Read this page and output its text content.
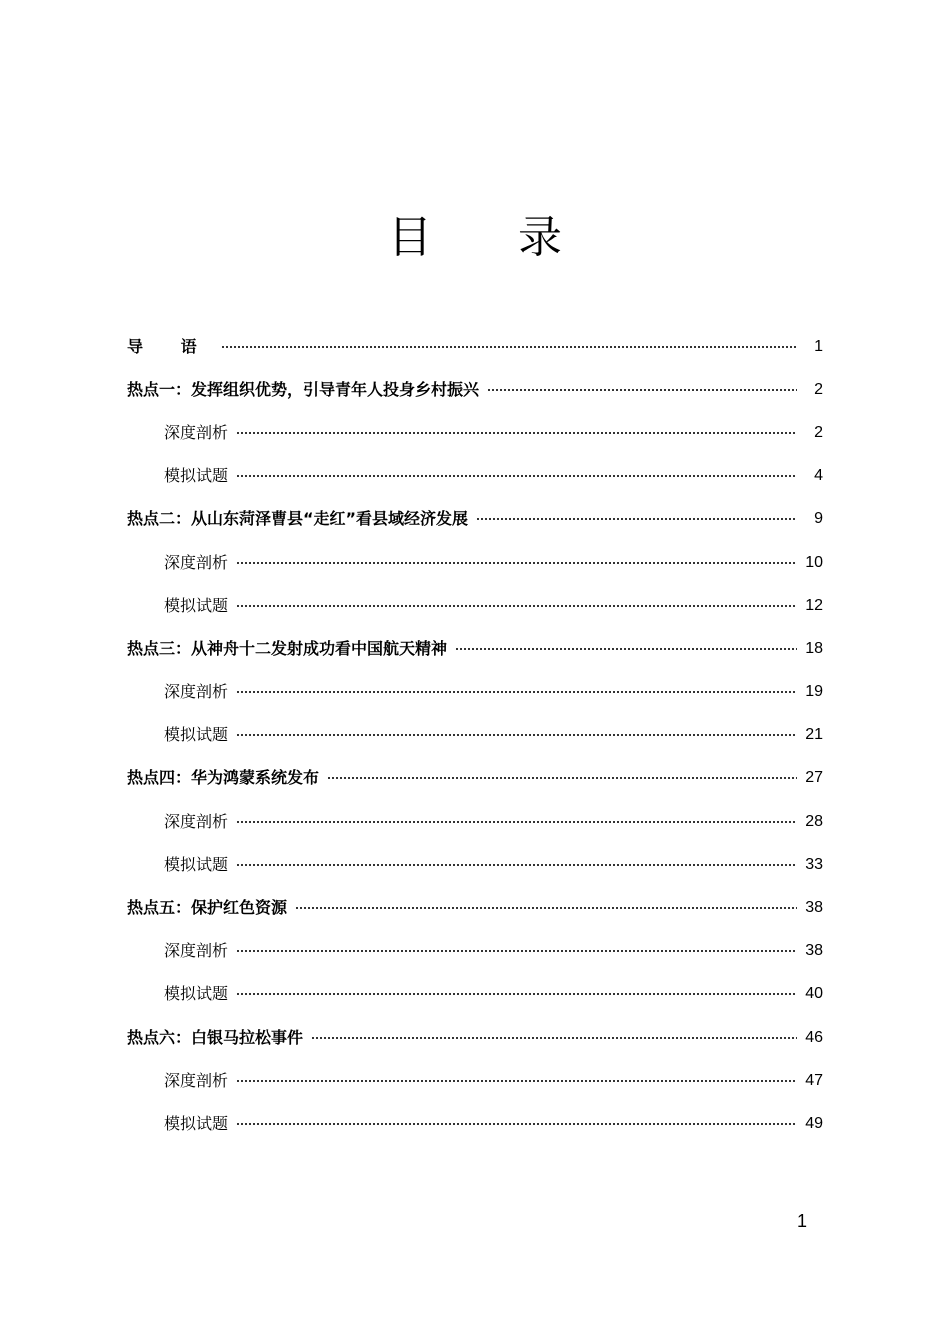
目 录
导 语	1
热点一：发挥组织优势，引导青年人投身乡村振兴	2
深度剖析	2
模拟试题	4
热点二：从山东菏泽曹县“走红”看县域经济发展	9
深度剖析	10
模拟试题	12
热点三：从神舟十二发射成功看中国航天精神	18
深度剖析	19
模拟试题	21
热点四：华为鸿蒙系统发布	27
深度剖析	28
模拟试题	33
热点五：保护红色资源	38
深度剖析	38
模拟试题	40
热点六：白银马拉松事件	46
深度剖析	47
模拟试题	49
1
